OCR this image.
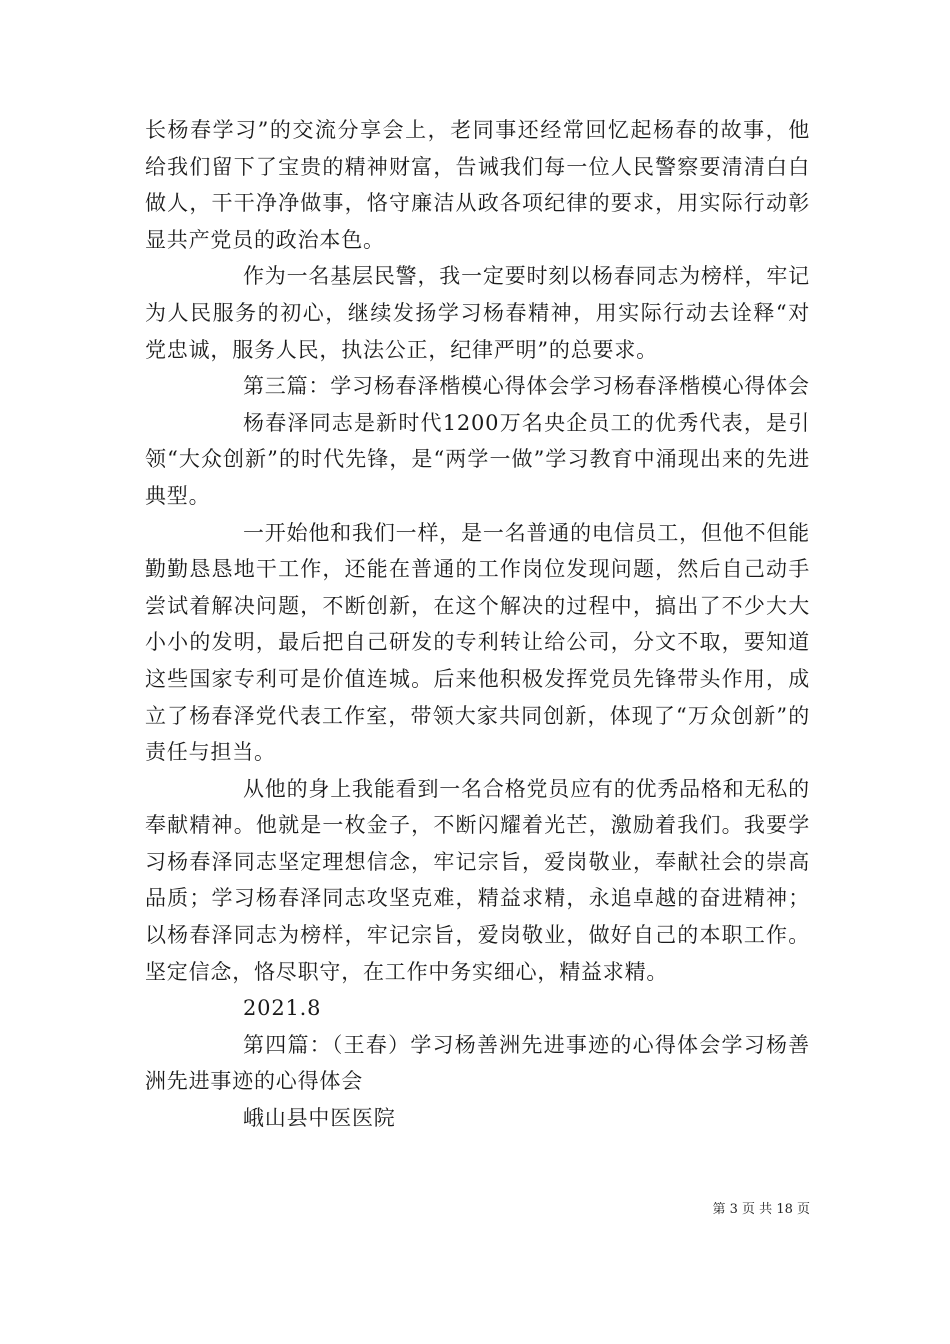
长杨春学习”的交流分享会上，老同事还经常回忆起杨春的故事，他给我们留下了宝贵的精神财富，告诫我们每一位人民警察要清清白白做人，干干净净做事，恪守廉洁从政各项纪律的要求，用实际行动彰显共产党员的政治本色。

作为一名基层民警，我一定要时刻以杨春同志为榜样，牢记为人民服务的初心，继续发扬学习杨春精神，用实际行动去诠释“对党忠诚，服务人民，执法公正，纪律严明”的总要求。

第三篇：学习杨春泽楷模心得体会学习杨春泽楷模心得体会

杨春泽同志是新时代1200万名央企员工的优秀代表，是引领“大众创新”的时代先锋，是“两学一做”学习教育中涌现出来的先进典型。

一开始他和我们一样，是一名普通的电信员工，但他不但能勤勤恳恳地干工作，还能在普通的工作岗位发现问题，然后自己动手尝试着解决问题，不断创新，在这个解决的过程中，搞出了不少大大小小的发明，最后把自己研发的专利转让给公司，分文不取，要知道这些国家专利可是价值连城。后来他积极发挥党员先锋带头作用，成立了杨春泽党代表工作室，带领大家共同创新，体现了“万众创新”的责任与担当。

从他的身上我能看到一名合格党员应有的优秀品格和无私的奉献精神。他就是一枚金子，不断闪耀着光芒，激励着我们。我要学习杨春泽同志坚定理想信念，牢记宗旨，爱岗敬业，奉献社会的崇高品质；学习杨春泽同志攻坚克难，精益求精，永追卓越的奋进精神；以杨春泽同志为榜样，牢记宗旨，爱岗敬业，做好自己的本职工作。坚定信念，恪尽职守，在工作中务实细心，精益求精。

2021.8

第四篇：（王春）学习杨善洲先进事迹的心得体会学习杨善洲先进事迹的心得体会

峨山县中医医院

第 3 页 共 18 页
